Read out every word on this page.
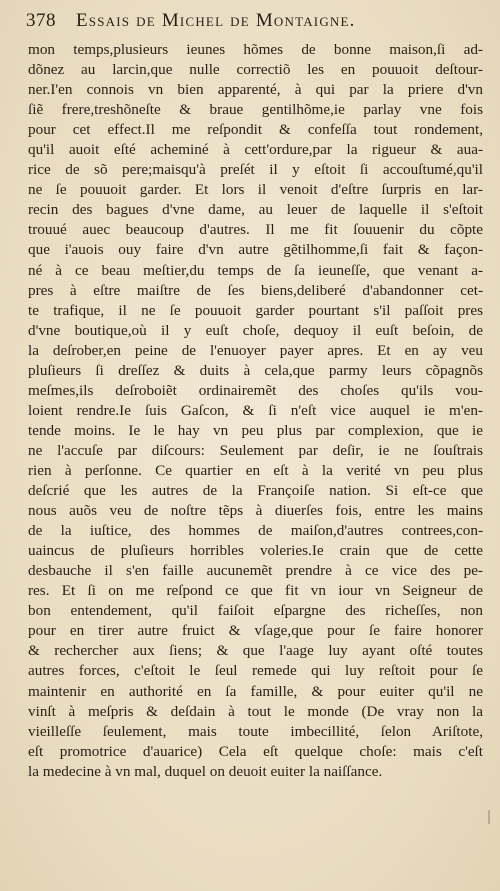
378 Essais de Michel de Montaigne.
mon temps,plusieurs ieunes hõmes de bonne maison,ſi ad-
dõnez au larcin,que nulle correctiõ les en pouuoit deſtour-
ner.I'en connois vn bien apparenté, à qui par la priere d'vn
ſiẽ frere,treshõneſte & braue gentilhõme,ie parlay vne fois
pour cet effect.Il me reſpondit & confeſſa tout rondement,
qu'il auoit eſté acheminé à cett'ordure,par la rigueur & aua-
rice de sõ pere;maisqu'à preſét il y eſtoit ſi accouſtumé,qu'il
ne ſe pouuoit garder. Et lors il venoit d'eſtre ſurpris en lar-
recin des bagues d'vne dame, au leuer de laquelle il s'eſtoit
trouué auec beaucoup d'autres. Il me fit ſouuenir du cõpte
que i'auois ouy faire d'vn autre gẽtilhomme,ſi fait & façon-
né à ce beau meſtier,du temps de ſa ieuneſſe, que venant a-
pres à eſtre maiſtre de ſes biens,deliberé d'abandonner cet-
te trafique, il ne ſe pouuoit garder pourtant s'il paſſoit pres
d'vne boutique,où il y euſt choſe, dequoy il euſt beſoin, de
la deſrober,en peine de l'enuoyer payer apres. Et en ay veu
pluſieurs ſi dreſſez & duits à cela,que parmy leurs cõpagnõs
meſmes,ils deſroboiẽt ordinairemẽt des choſes qu'ils vou-
loient rendre.Ie ſuis Gaſcon, & ſi n'eſt vice auquel ie m'en-
tende moins. Ie le hay vn peu plus par complexion, que ie
ne l'accuſe par diſcours: Seulement par deſir, ie ne ſouſtrais
rien à perſonne. Ce quartier en eſt à la verité vn peu plus
deſcrié que les autres de la Françoiſe nation. Si eſt-ce que
nous auõs veu de noſtre tẽps à diuerſes fois, entre les mains
de la iuſtice, des hommes de maiſon,d'autres contrees,con-
uaincus de pluſieurs horribles voleries.Ie crain que de cette
desbauche il s'en faille aucunemẽt prendre à ce vice des pe-
res. Et ſi on me reſpond ce que fit vn iour vn Seigneur de
bon entendement, qu'il faiſoit eſpargne des richeſſes, non
pour en tirer autre fruict & vſage,que pour ſe faire honorer
& rechercher aux ſiens; & que l'aage luy ayant oſté toutes
autres forces, c'eſtoit le ſeul remede qui luy reſtoit pour ſe
maintenir en authorité en ſa famille, & pour euiter qu'il ne
vinſt à meſpris & deſdain à tout le monde (De vray non la
vieilleſſe ſeulement, mais toute imbecillité, ſelon Ariſtote,
eſt promotrice d'auarice) Cela eſt quelque choſe: mais c'eſt
la medecine à vn mal, duquel on deuoit euiter la naiſſance.
